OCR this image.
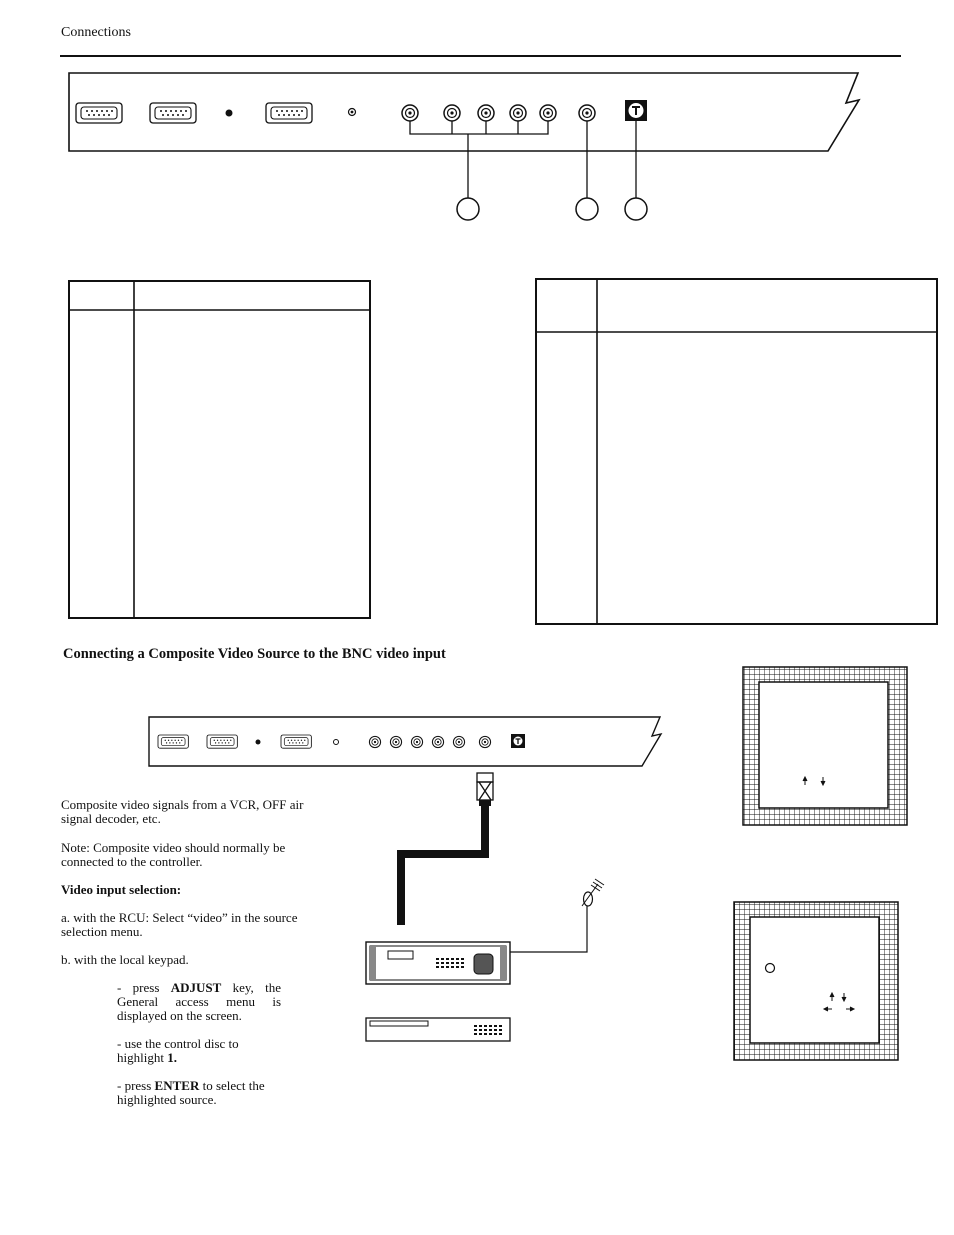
Connections
Connecting a Composite Video Source to the BNC video input
Composite video signals from a VCR, OFF air signal decoder, etc.
Note: Composite video should normally be connected to the controller.
Video input selection:
a. with the RCU: Select “video” in the source selection menu.
b. with the local keypad.
- press ADJUST key, the General access menu is displayed on the screen.
- use the control disc to highlight 1.
- press ENTER to select the highlighted source.
